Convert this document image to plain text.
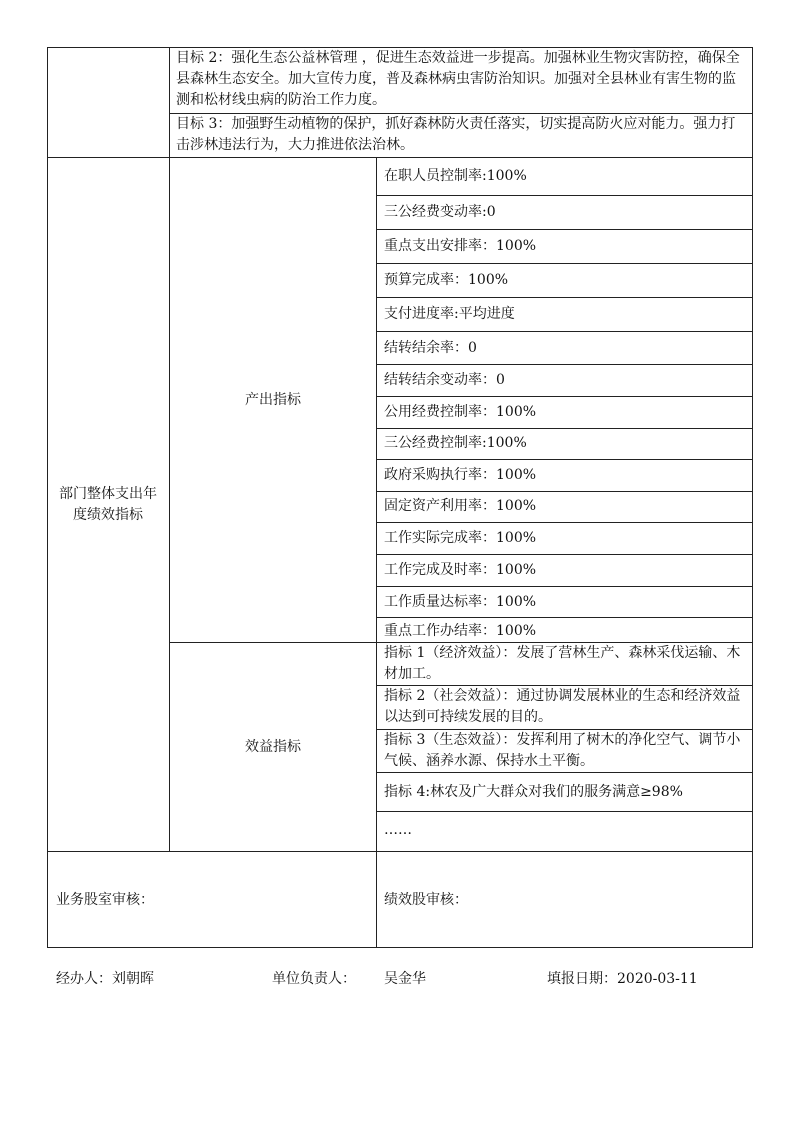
目标 2：强化生态公益林管理 ，促进生态效益进一步提高。加强林业生物灾害防控，确保全县森林生态安全。加大宣传力度，普及森林病虫害防治知识。加强对全县林业有害生物的监测和松材线虫病的防治工作力度。
目标 3：加强野生动植物的保护，抓好森林防火责任落实，切实提高防火应对能力。强力打击涉林违法行为，大力推进依法治林。
部门整体支出年度绩效指标
产出指标
在职人员控制率:100%
三公经费变动率:0
重点支出安排率：100%
预算完成率：100%
支付进度率:平均进度
结转结余率：0
结转结余变动率：0
公用经费控制率：100%
三公经费控制率:100%
政府采购执行率：100%
固定资产利用率：100%
工作实际完成率：100%
工作完成及时率：100%
工作质量达标率：100%
重点工作办结率：100%
效益指标
指标 1（经济效益）：发展了营林生产、森林采伐运输、木材加工。
指标 2（社会效益）：通过协调发展林业的生态和经济效益以达到可持续发展的目的。
指标 3（生态效益）：发挥利用了树木的净化空气、调节小气候、涵养水源、保持水土平衡。
指标 4:林农及广大群众对我们的服务满意≥98%
……
业务股室审核：	绩效股审核：
经办人：刘朝晖	单位负责人： 吴金华	填报日期：2020-03-11
